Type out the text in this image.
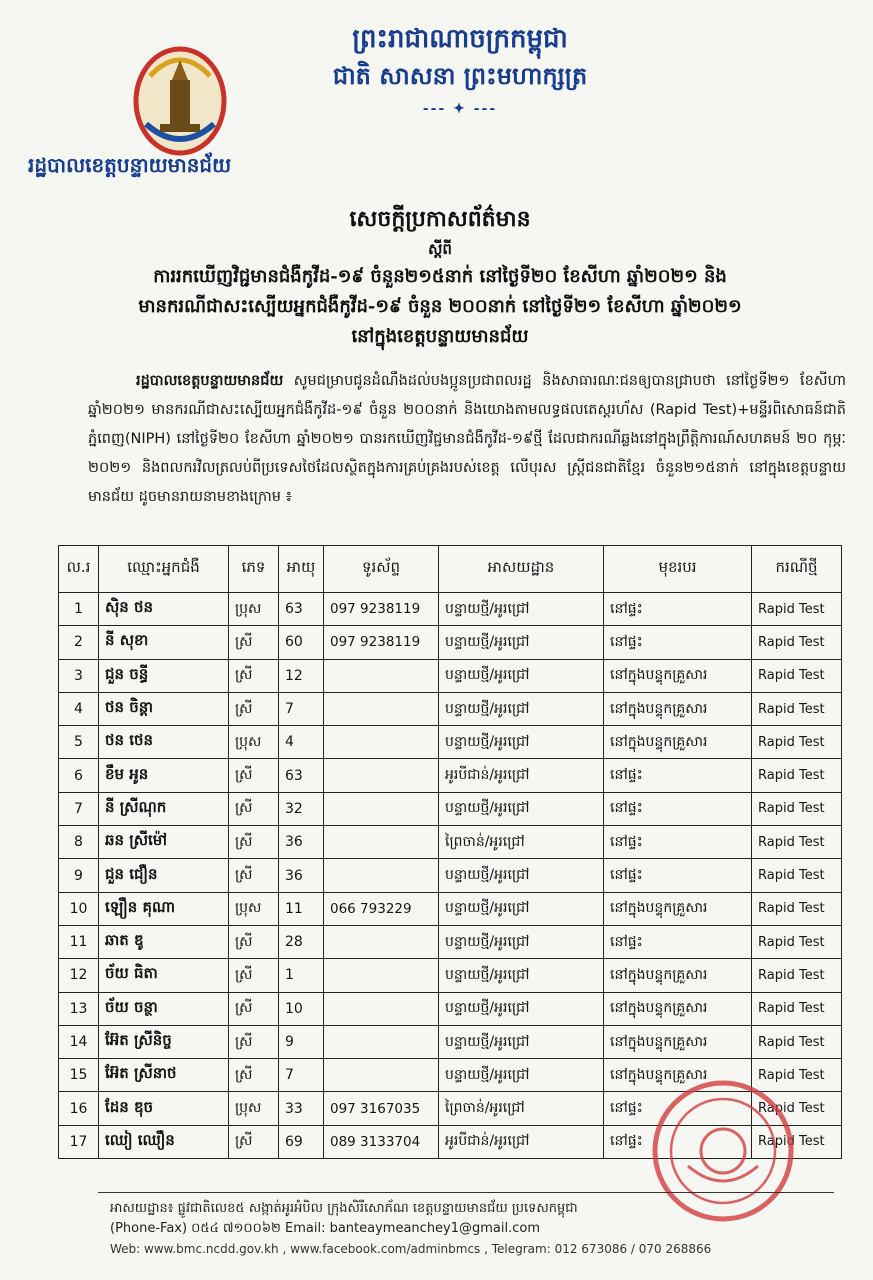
ព្រះរាជាណាចក្រកម្ពុជា
ជាតិ សាសនា ព្រះមហាក្សត្រ
--- ✦ ---
រដ្ឋបាលខេត្តបន្ទាយមានជ័យ
សេចក្តីប្រកាសព័ត៌មាន
ស្តីពី
ការរកឃើញវិជ្ជមានជំងឺកូវីដ-១៩ ចំនួន២១៥នាក់ នៅថ្ងៃទី២០ ខែសីហា ឆ្នាំ២០២១ និង
មានករណីជាសះស្បើយអ្នកជំងឺកូវីដ-១៩ ចំនួន ២០០នាក់ នៅថ្ងៃទី២១ ខែសីហា ឆ្នាំ២០២១
នៅក្នុងខេត្តបន្ទាយមានជ័យ
រដ្ឋបាលខេត្តបន្ទាយមានជ័យ សូមជម្រាបជូនដំណឹងដល់បងប្អូនប្រជាពលរដ្ឋ និងសាធារណៈជនឲ្យបានជ្រាបថា នៅថ្ងៃទី២១ ខែសីហា ឆ្នាំ២០២១ មានករណីជាសះស្បើយអ្នកជំងឺកូវីដ-១៩ ចំនួន ២០០នាក់ និងយោងតាមលទ្ធផលតេស្តរហ័ស (Rapid Test)+មន្ទីរពិសោធន៍ជាតិភ្នំពេញ(NIPH) នៅថ្ងៃទី២០ ខែសីហា ឆ្នាំ២០២១ បានរកឃើញវិជ្ជមានជំងឺកូវីដ-១៩ថ្មី ដែលជាករណីឆ្លងនៅក្នុងព្រឹត្តិការណ៍សហគមន៍ ២០ កុម្ភៈ ២០២១ និងពលករវិលត្រលប់ពីប្រទេសថៃដែលស្ថិតក្នុងការគ្រប់គ្រងរបស់ខេត្ត លើបុរស ស្ត្រីជនជាតិខ្មែរ ចំនួន២១៥នាក់ នៅក្នុងខេត្តបន្ទាយមានជ័យ ដូចមានរាយនាមខាងក្រោម ៖
ល.រ	ឈ្មោះអ្នកជំងឺ	ភេទ	អាយុ	ទូរស័ព្ទ	អាសយដ្ឋាន	មុខរបរ	ករណីថ្មី
1	ស៊ិន ថន	ប្រុស	63	097 9238119	បន្ទាយថ្មី/អូរជ្រៅ	នៅផ្ទះ	Rapid Test
2	នី សុខា	ស្រី	60	097 9238119	បន្ទាយថ្មី/អូរជ្រៅ	នៅផ្ទះ	Rapid Test
3	ជួន ចន្ធី	ស្រី	12		បន្ទាយថ្មី/អូរជ្រៅ	នៅក្នុងបន្ទុកគ្រួសារ	Rapid Test
4	ថន ចិន្តា	ស្រី	7		បន្ទាយថ្មី/អូរជ្រៅ	នៅក្នុងបន្ទុកគ្រួសារ	Rapid Test
5	ថន ថេន	ប្រុស	4		បន្ទាយថ្មី/អូរជ្រៅ	នៅក្នុងបន្ទុកគ្រួសារ	Rapid Test
6	ខឹម អូន	ស្រី	63		អូរបីជាន់/អូរជ្រៅ	នៅផ្ទះ	Rapid Test
7	នី ស្រីណុក	ស្រី	32		បន្ទាយថ្មី/អូរជ្រៅ	នៅផ្ទះ	Rapid Test
8	ឆន ស្រីម៉ៅ	ស្រី	36		ព្រៃចាន់/អូរជ្រៅ	នៅផ្ទះ	Rapid Test
9	ជួន ជឿន	ស្រី	36		បន្ទាយថ្មី/អូរជ្រៅ	នៅផ្ទះ	Rapid Test
10	ឡឿន គុណា	ប្រុស	11	066 793229	បន្ទាយថ្មី/អូរជ្រៅ	នៅក្នុងបន្ទុកគ្រួសារ	Rapid Test
11	ឆាត ឌូ	ស្រី	28		បន្ទាយថ្មី/អូរជ្រៅ	នៅផ្ទះ	Rapid Test
12	ច័យ ធិតា	ស្រី	1		បន្ទាយថ្មី/អូរជ្រៅ	នៅក្នុងបន្ទុកគ្រួសារ	Rapid Test
13	ច័យ ចន្ថា	ស្រី	10		បន្ទាយថ្មី/អូរជ្រៅ	នៅក្នុងបន្ទុកគ្រួសារ	Rapid Test
14	អ៊ែត ស្រីនិច្ច	ស្រី	9		បន្ទាយថ្មី/អូរជ្រៅ	នៅក្នុងបន្ទុកគ្រួសារ	Rapid Test
15	អ៊ែត ស្រីនាថ	ស្រី	7		បន្ទាយថ្មី/អូរជ្រៅ	នៅក្នុងបន្ទុកគ្រួសារ	Rapid Test
16	ដែន ឌុច	ប្រុស	33	097 3167035	ព្រៃចាន់/អូរជ្រៅ	នៅផ្ទះ	Rapid Test
17	ឈៀ ឈឿន	ស្រី	69	089 3133704	អូរបីជាន់/អូរជ្រៅ	នៅផ្ទះ	Rapid Test
អាសយដ្ឋាន៖ ផ្លូវជាតិលេខ៥ សង្កាត់អូរអំបិល ក្រុងសិរីសោភ័ណ ខេត្តបន្ទាយមានជ័យ ប្រទេសកម្ពុជា
(Phone-Fax) ០៥៤ ៧១០០៦២ Email: banteaymeanchey1@gmail.com
Web: www.bmc.ncdd.gov.kh , www.facebook.com/adminbmcs , Telegram: 012 673086 / 070 268866
